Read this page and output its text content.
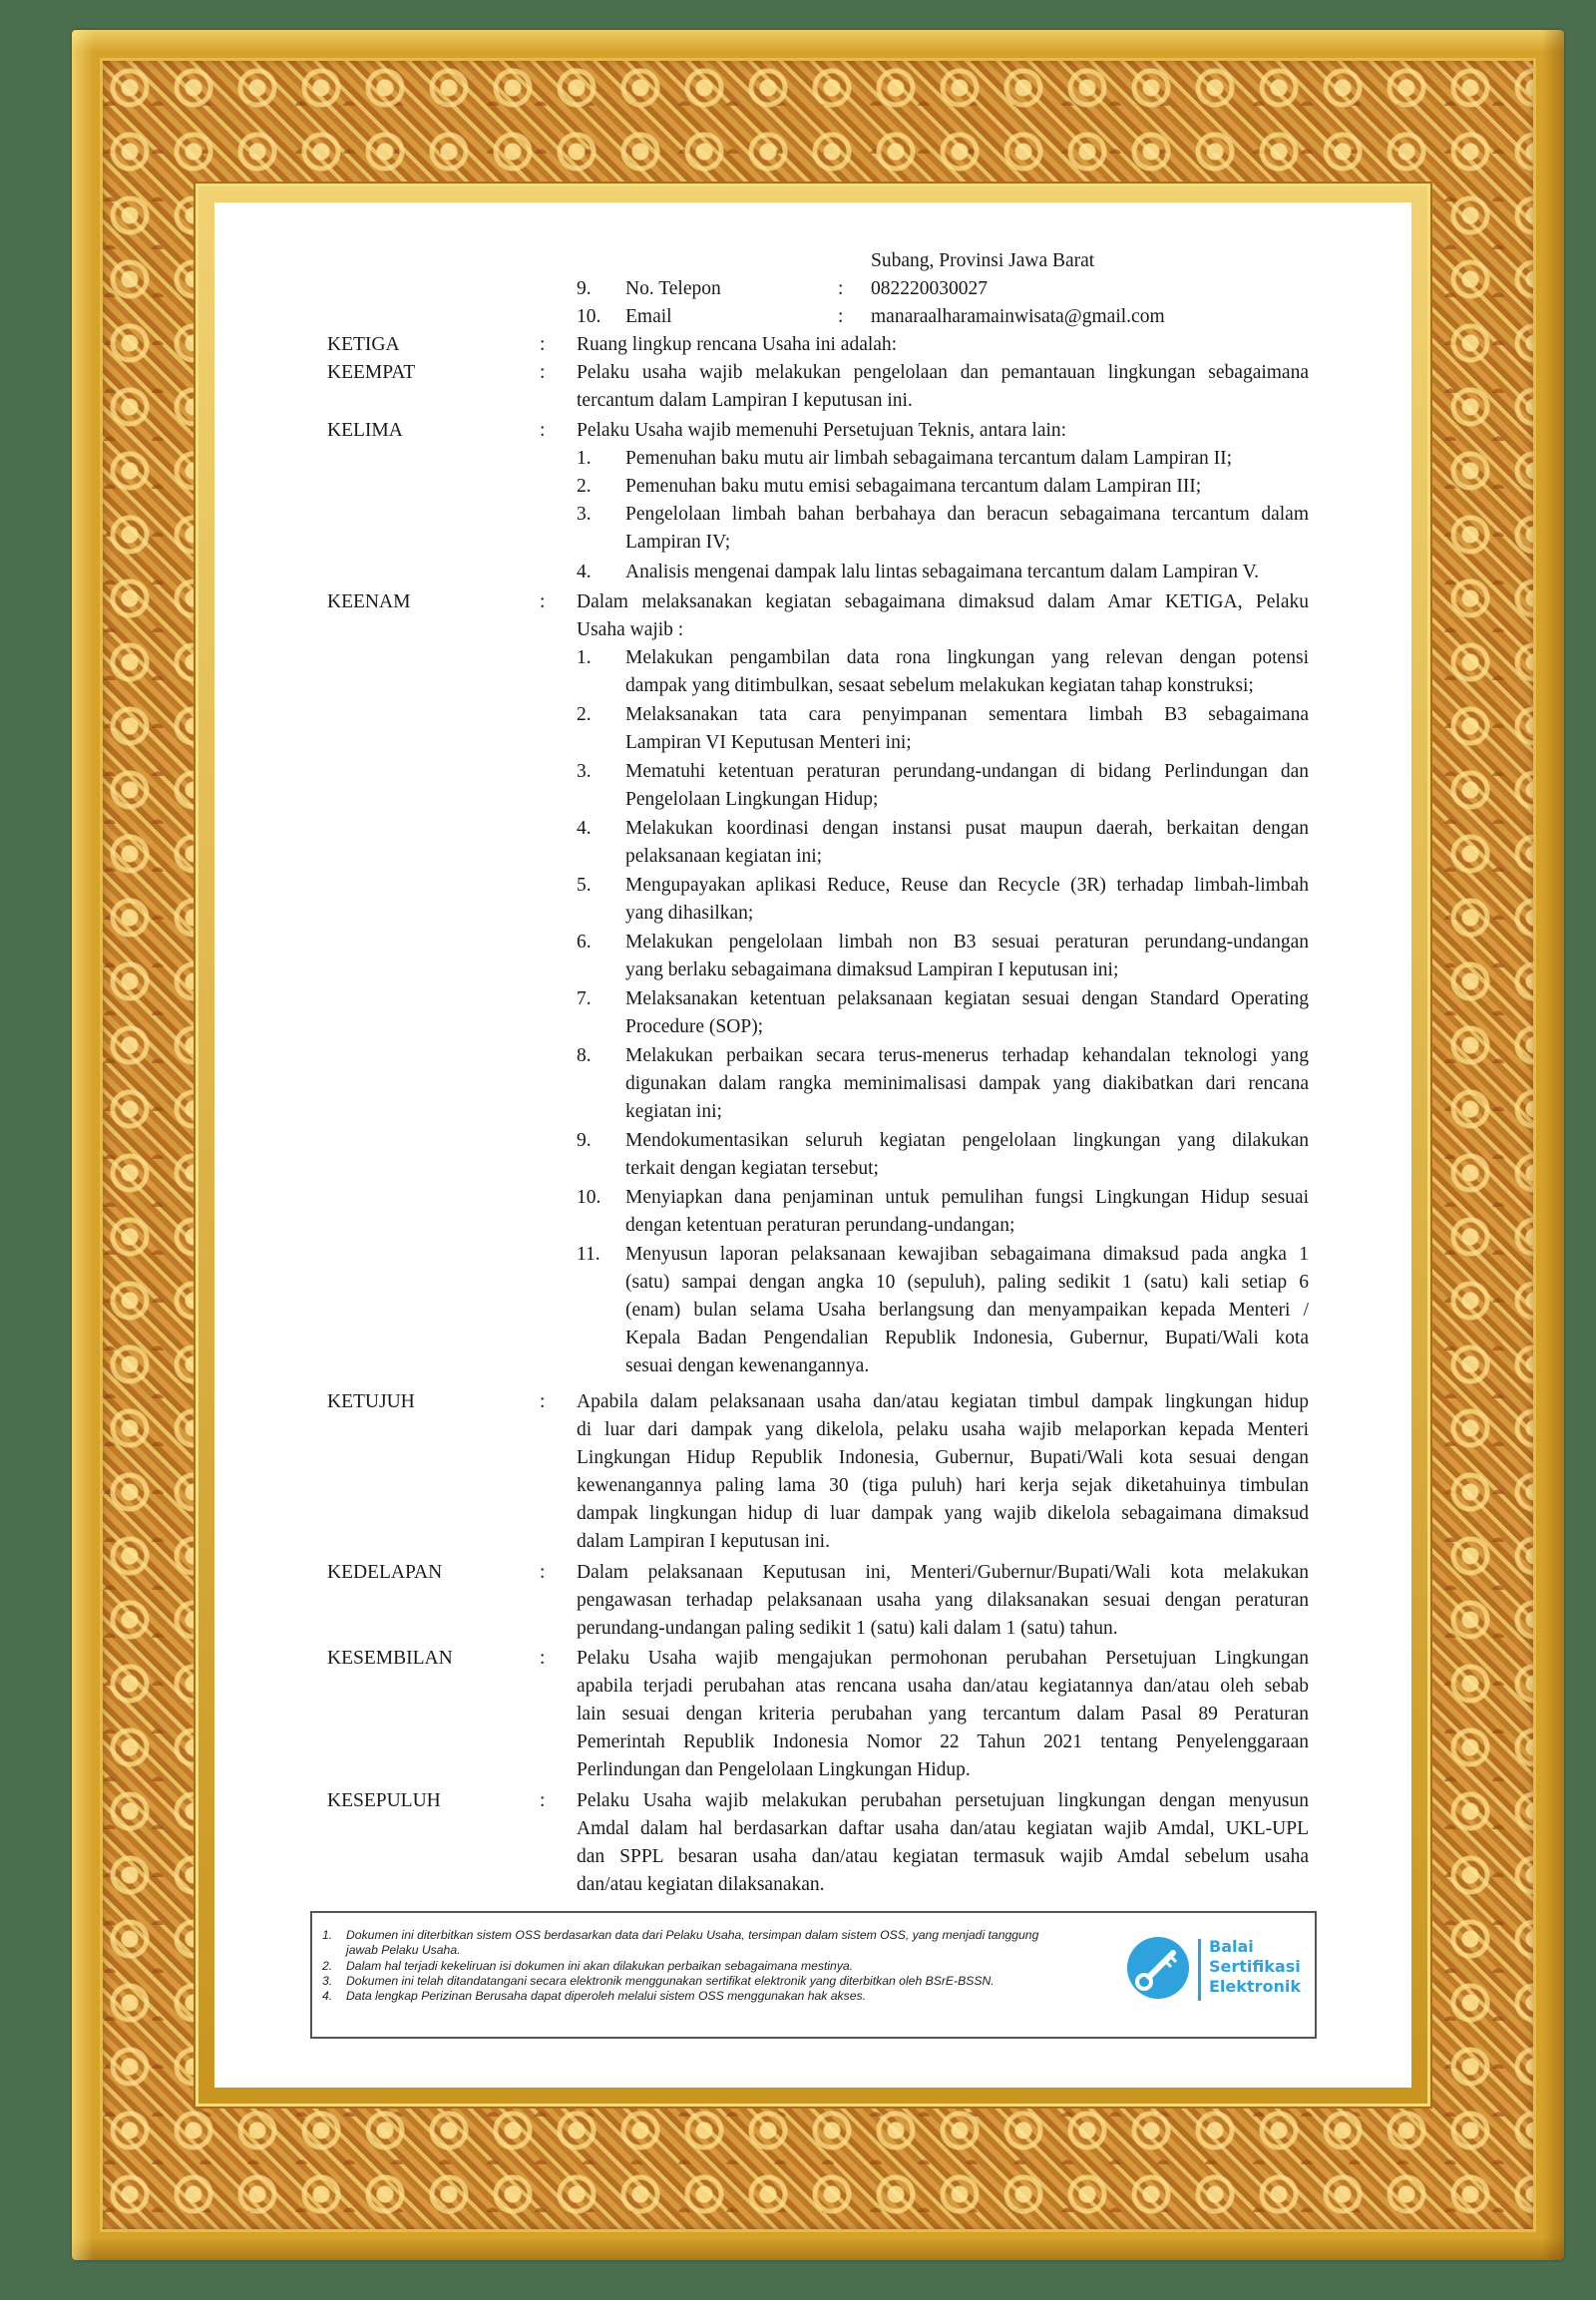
Subang, Provinsi Jawa Barat
9. No. Telepon	: 082220030027
10. Email	: manaraalharamainwisata@gmail.com
KETIGA	: Ruang lingkup rencana Usaha ini adalah:
KEEMPAT	: Pelaku usaha wajib melakukan pengelolaan dan pemantauan lingkungan sebagaimana
tercantum dalam Lampiran I keputusan ini.
KELIMA	: Pelaku Usaha wajib memenuhi Persetujuan Teknis, antara lain:
1. Pemenuhan baku mutu air limbah sebagaimana tercantum dalam Lampiran II;
2. Pemenuhan baku mutu emisi sebagaimana tercantum dalam Lampiran III;
3. Pengelolaan limbah bahan berbahaya dan beracun sebagaimana tercantum dalam
Lampiran IV;
4. Analisis mengenai dampak lalu lintas sebagaimana tercantum dalam Lampiran V.
KEENAM	: Dalam melaksanakan kegiatan sebagaimana dimaksud dalam Amar KETIGA, Pelaku
Usaha wajib :
1. Melakukan pengambilan data rona lingkungan yang relevan dengan potensi
dampak yang ditimbulkan, sesaat sebelum melakukan kegiatan tahap konstruksi;
2. Melaksanakan tata cara penyimpanan sementara limbah B3 sebagaimana
Lampiran VI Keputusan Menteri ini;
3. Mematuhi ketentuan peraturan perundang-undangan di bidang Perlindungan dan
Pengelolaan Lingkungan Hidup;
4. Melakukan koordinasi dengan instansi pusat maupun daerah, berkaitan dengan
pelaksanaan kegiatan ini;
5. Mengupayakan aplikasi Reduce, Reuse dan Recycle (3R) terhadap limbah-limbah
yang dihasilkan;
6. Melakukan pengelolaan limbah non B3 sesuai peraturan perundang-undangan
yang berlaku sebagaimana dimaksud Lampiran I keputusan ini;
7. Melaksanakan ketentuan pelaksanaan kegiatan sesuai dengan Standard Operating
Procedure (SOP);
8. Melakukan perbaikan secara terus-menerus terhadap kehandalan teknologi yang
digunakan dalam rangka meminimalisasi dampak yang diakibatkan dari rencana
kegiatan ini;
9. Mendokumentasikan seluruh kegiatan pengelolaan lingkungan yang dilakukan
terkait dengan kegiatan tersebut;
10. Menyiapkan dana penjaminan untuk pemulihan fungsi Lingkungan Hidup sesuai
dengan ketentuan peraturan perundang-undangan;
11. Menyusun laporan pelaksanaan kewajiban sebagaimana dimaksud pada angka 1
(satu) sampai dengan angka 10 (sepuluh), paling sedikit 1 (satu) kali setiap 6
(enam) bulan selama Usaha berlangsung dan menyampaikan kepada Menteri /
Kepala Badan Pengendalian Republik Indonesia, Gubernur, Bupati/Wali kota
sesuai dengan kewenangannya.
KETUJUH	: Apabila dalam pelaksanaan usaha dan/atau kegiatan timbul dampak lingkungan hidup
di luar dari dampak yang dikelola, pelaku usaha wajib melaporkan kepada Menteri
Lingkungan Hidup Republik Indonesia, Gubernur, Bupati/Wali kota sesuai dengan
kewenangannya paling lama 30 (tiga puluh) hari kerja sejak diketahuinya timbulan
dampak lingkungan hidup di luar dampak yang wajib dikelola sebagaimana dimaksud
dalam Lampiran I keputusan ini.
KEDELAPAN	: Dalam pelaksanaan Keputusan ini, Menteri/Gubernur/Bupati/Wali kota melakukan
pengawasan terhadap pelaksanaan usaha yang dilaksanakan sesuai dengan peraturan
perundang-undangan paling sedikit 1 (satu) kali dalam 1 (satu) tahun.
KESEMBILAN	: Pelaku Usaha wajib mengajukan permohonan perubahan Persetujuan Lingkungan
apabila terjadi perubahan atas rencana usaha dan/atau kegiatannya dan/atau oleh sebab
lain sesuai dengan kriteria perubahan yang tercantum dalam Pasal 89 Peraturan
Pemerintah Republik Indonesia Nomor 22 Tahun 2021 tentang Penyelenggaraan
Perlindungan dan Pengelolaan Lingkungan Hidup.
KESEPULUH	: Pelaku Usaha wajib melakukan perubahan persetujuan lingkungan dengan menyusun
Amdal dalam hal berdasarkan daftar usaha dan/atau kegiatan wajib Amdal, UKL-UPL
dan SPPL besaran usaha dan/atau kegiatan termasuk wajib Amdal sebelum usaha
dan/atau kegiatan dilaksanakan.
1. Dokumen ini diterbitkan sistem OSS berdasarkan data dari Pelaku Usaha, tersimpan dalam sistem OSS, yang menjadi tanggung
jawab Pelaku Usaha.
2. Dalam hal terjadi kekeliruan isi dokumen ini akan dilakukan perbaikan sebagaimana mestinya.
3. Dokumen ini telah ditandatangani secara elektronik menggunakan sertifikat elektronik yang diterbitkan oleh BSrE-BSSN.
4. Data lengkap Perizinan Berusaha dapat diperoleh melalui sistem OSS menggunakan hak akses.
Balai
Sertifikasi
Elektronik
